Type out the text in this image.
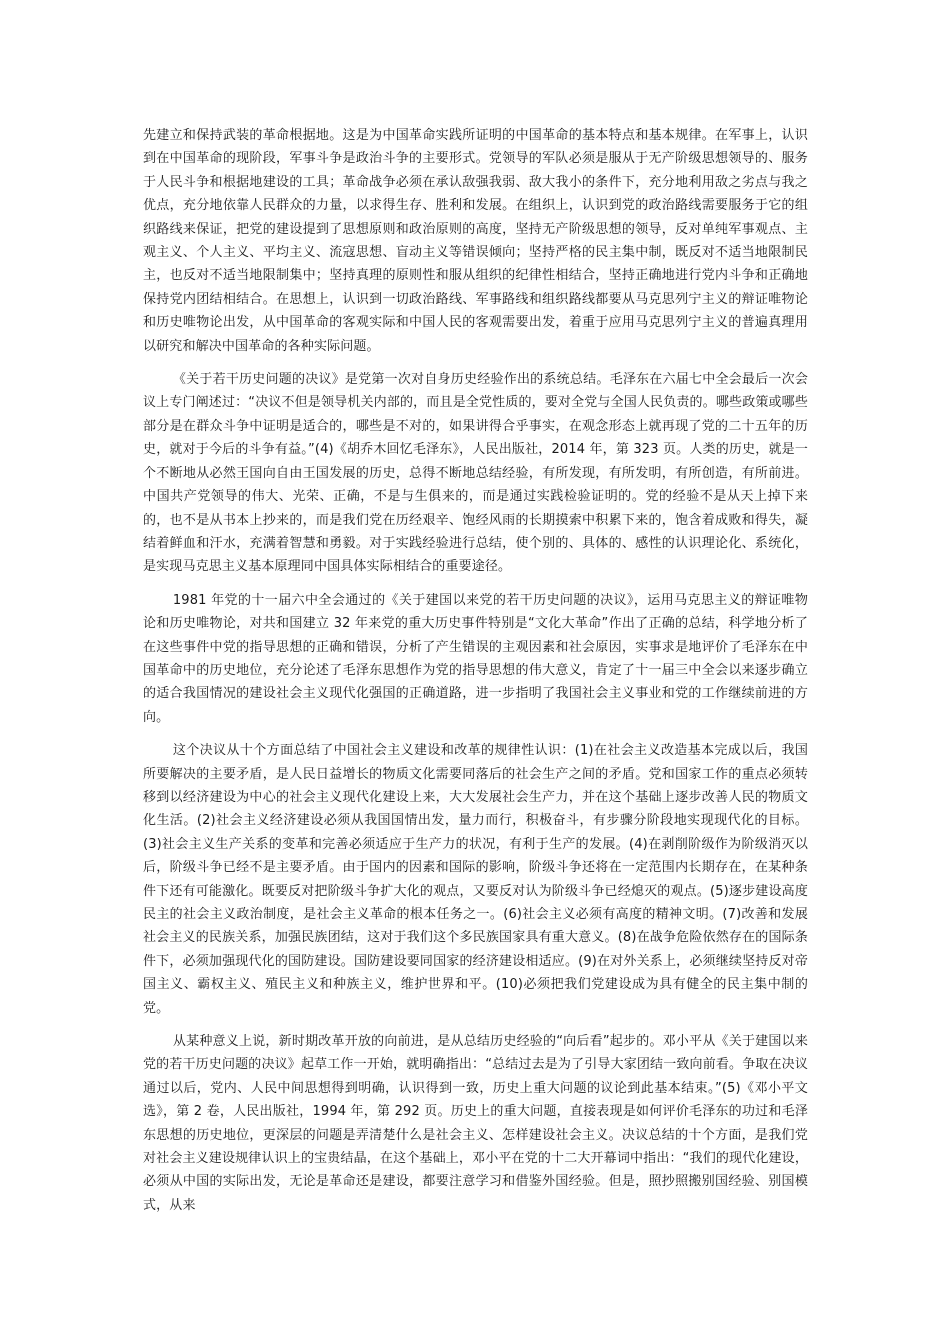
先建立和保持武装的革命根据地。这是为中国革命实践所证明的中国革命的基本特点和基本规律。在军事上，认识到在中国革命的现阶段，军事斗争是政治斗争的主要形式。党领导的军队必须是服从于无产阶级思想领导的、服务于人民斗争和根据地建设的工具；革命战争必须在承认敌强我弱、敌大我小的条件下，充分地利用敌之劣点与我之优点，充分地依靠人民群众的力量，以求得生存、胜利和发展。在组织上，认识到党的政治路线需要服务于它的组织路线来保证，把党的建设提到了思想原则和政治原则的高度，坚持无产阶级思想的领导，反对单纯军事观点、主观主义、个人主义、平均主义、流寇思想、盲动主义等错误倾向；坚持严格的民主集中制，既反对不适当地限制民主，也反对不适当地限制集中；坚持真理的原则性和服从组织的纪律性相结合，坚持正确地进行党内斗争和正确地保持党内团结相结合。在思想上，认识到一切政治路线、军事路线和组织路线都要从马克思列宁主义的辩证唯物论和历史唯物论出发，从中国革命的客观实际和中国人民的客观需要出发，着重于应用马克思列宁主义的普遍真理用以研究和解决中国革命的各种实际问题。

《关于若干历史问题的决议》是党第一次对自身历史经验作出的系统总结。毛泽东在六届七中全会最后一次会议上专门阐述过：“决议不但是领导机关内部的，而且是全党性质的，要对全党与全国人民负责的。哪些政策或哪些部分是在群众斗争中证明是适合的，哪些是不对的，如果讲得合乎事实，在观念形态上就再现了党的二十五年的历史，就对于今后的斗争有益。”(4)《胡乔木回忆毛泽东》，人民出版社，2014 年，第 323 页。人类的历史，就是一个不断地从必然王国向自由王国发展的历史，总得不断地总结经验，有所发现，有所发明，有所创造，有所前进。中国共产党领导的伟大、光荣、正确，不是与生俱来的，而是通过实践检验证明的。党的经验不是从天上掉下来的，也不是从书本上抄来的，而是我们党在历经艰辛、饱经风雨的长期摸索中积累下来的，饱含着成败和得失，凝结着鲜血和汗水，充满着智慧和勇毅。对于实践经验进行总结，使个别的、具体的、感性的认识理论化、系统化，是实现马克思主义基本原理同中国具体实际相结合的重要途径。

1981 年党的十一届六中全会通过的《关于建国以来党的若干历史问题的决议》，运用马克思主义的辩证唯物论和历史唯物论，对共和国建立 32 年来党的重大历史事件特别是“文化大革命”作出了正确的总结，科学地分析了在这些事件中党的指导思想的正确和错误，分析了产生错误的主观因素和社会原因，实事求是地评价了毛泽东在中国革命中的历史地位，充分论述了毛泽东思想作为党的指导思想的伟大意义，肯定了十一届三中全会以来逐步确立的适合我国情况的建设社会主义现代化强国的正确道路，进一步指明了我国社会主义事业和党的工作继续前进的方向。

这个决议从十个方面总结了中国社会主义建设和改革的规律性认识：(1)在社会主义改造基本完成以后，我国所要解决的主要矛盾，是人民日益增长的物质文化需要同落后的社会生产之间的矛盾。党和国家工作的重点必须转移到以经济建设为中心的社会主义现代化建设上来，大大发展社会生产力，并在这个基础上逐步改善人民的物质文化生活。(2)社会主义经济建设必须从我国国情出发，量力而行，积极奋斗，有步骤分阶段地实现现代化的目标。(3)社会主义生产关系的变革和完善必须适应于生产力的状况，有利于生产的发展。(4)在剥削阶级作为阶级消灭以后，阶级斗争已经不是主要矛盾。由于国内的因素和国际的影响，阶级斗争还将在一定范围内长期存在，在某种条件下还有可能激化。既要反对把阶级斗争扩大化的观点，又要反对认为阶级斗争已经熄灭的观点。(5)逐步建设高度民主的社会主义政治制度，是社会主义革命的根本任务之一。(6)社会主义必须有高度的精神文明。(7)改善和发展社会主义的民族关系，加强民族团结，这对于我们这个多民族国家具有重大意义。(8)在战争危险依然存在的国际条件下，必须加强现代化的国防建设。国防建设要同国家的经济建设相适应。(9)在对外关系上，必须继续坚持反对帝国主义、霸权主义、殖民主义和种族主义，维护世界和平。(10)必须把我们党建设成为具有健全的民主集中制的党。

从某种意义上说，新时期改革开放的向前进，是从总结历史经验的“向后看”起步的。邓小平从《关于建国以来党的若干历史问题的决议》起草工作一开始，就明确指出：“总结过去是为了引导大家团结一致向前看。争取在决议通过以后，党内、人民中间思想得到明确，认识得到一致，历史上重大问题的议论到此基本结束。”(5)《邓小平文选》，第 2 卷，人民出版社，1994 年，第 292 页。历史上的重大问题，直接表现是如何评价毛泽东的功过和毛泽东思想的历史地位，更深层的问题是弄清楚什么是社会主义、怎样建设社会主义。决议总结的十个方面，是我们党对社会主义建设规律认识上的宝贵结晶，在这个基础上，邓小平在党的十二大开幕词中指出：“我们的现代化建设，必须从中国的实际出发，无论是革命还是建设，都要注意学习和借鉴外国经验。但是，照抄照搬别国经验、别国模式，从来
